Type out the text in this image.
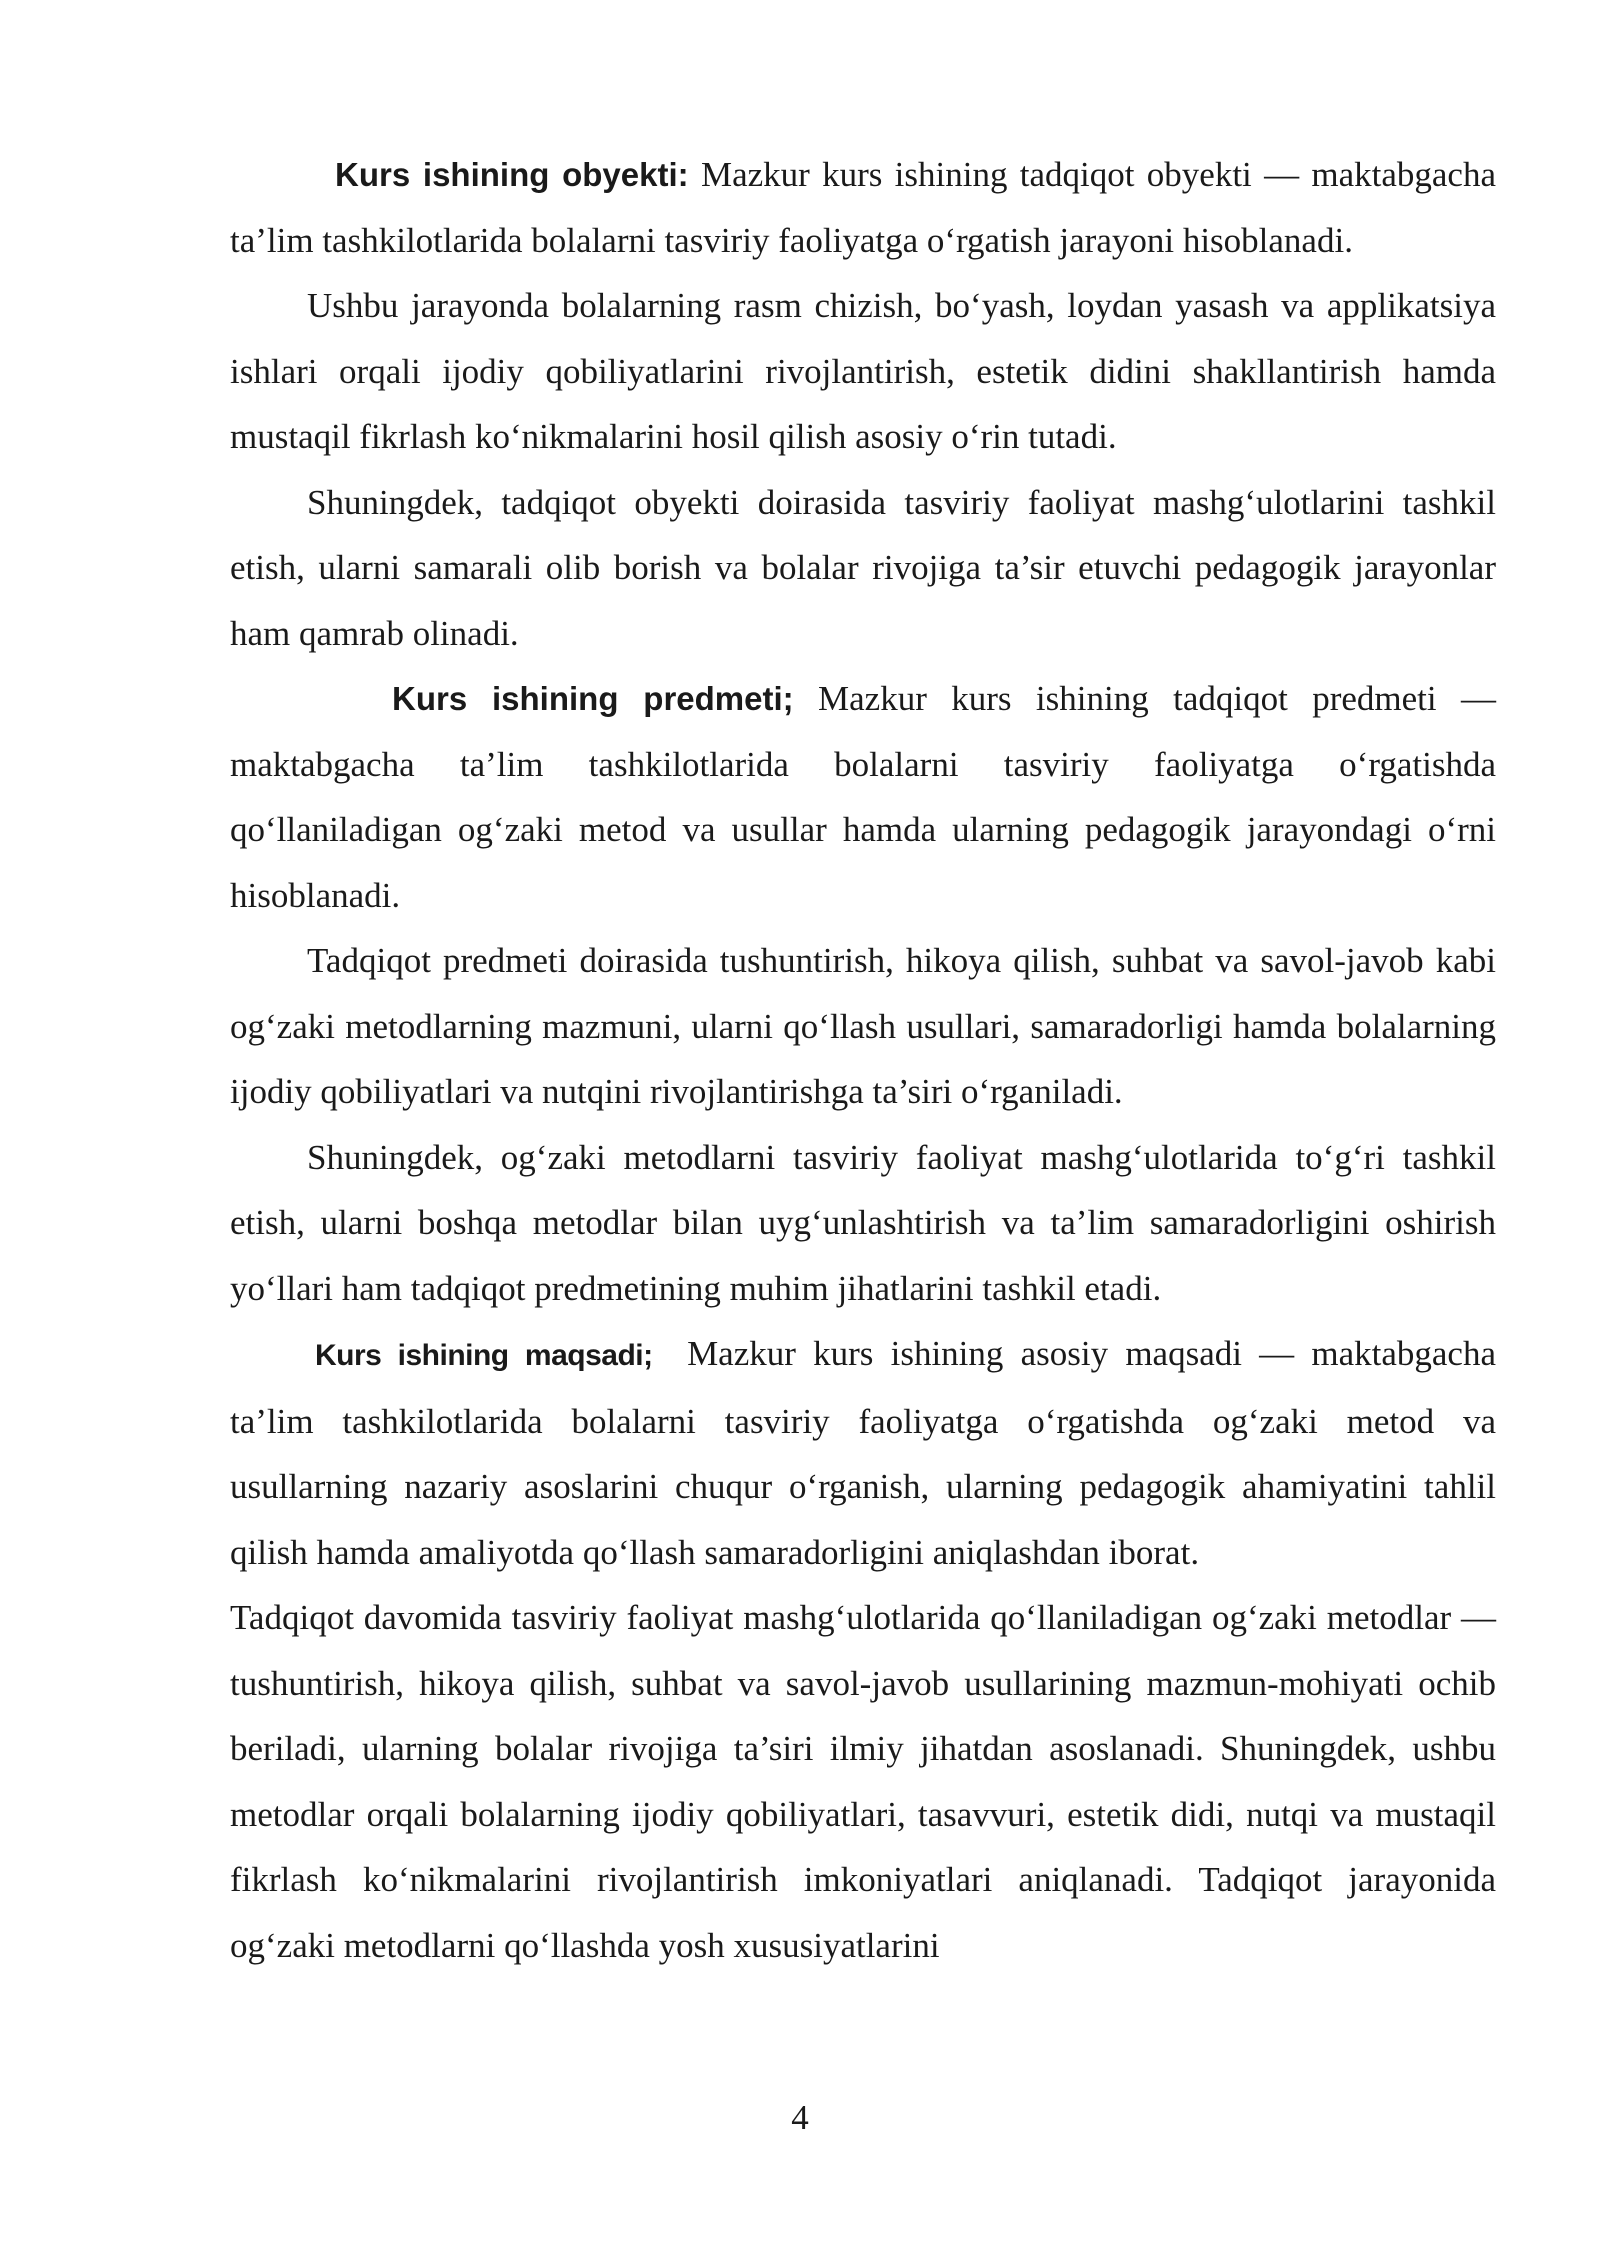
Kurs ishining obyekti: Mazkur kurs ishining tadqiqot obyekti — maktabgacha ta’lim tashkilotlarida bolalarni tasviriy faoliyatga o‘rgatish jarayoni hisoblanadi.

Ushbu jarayonda bolalarning rasm chizish, bo‘yash, loydan yasash va applikatsiya ishlari orqali ijodiy qobiliyatlarini rivojlantirish, estetik didini shakllantirish hamda mustaqil fikrlash ko‘nikmalarini hosil qilish asosiy o‘rin tutadi.

Shuningdek, tadqiqot obyekti doirasida tasviriy faoliyat mashg‘ulotlarini tashkil etish, ularni samarali olib borish va bolalar rivojiga ta’sir etuvchi pedagogik jarayonlar ham qamrab olinadi.

Kurs ishining predmeti; Mazkur kurs ishining tadqiqot predmeti — maktabgacha ta’lim tashkilotlarida bolalarni tasviriy faoliyatga o‘rgatishda qo‘llaniladigan og‘zaki metod va usullar hamda ularning pedagogik jarayondagi o‘rni hisoblanadi.

Tadqiqot predmeti doirasida tushuntirish, hikoya qilish, suhbat va savol-javob kabi og‘zaki metodlarning mazmuni, ularni qo‘llash usullari, samaradorligi hamda bolalarning ijodiy qobiliyatlari va nutqini rivojlantirishga ta’siri o‘rganiladi.

Shuningdek, og‘zaki metodlarni tasviriy faoliyat mashg‘ulotlarida to‘g‘ri tashkil etish, ularni boshqa metodlar bilan uyg‘unlashtirish va ta’lim samaradorligini oshirish yo‘llari ham tadqiqot predmetining muhim jihatlarini tashkil etadi.

Kurs ishining maqsadi; Mazkur kurs ishining asosiy maqsadi — maktabgacha ta’lim tashkilotlarida bolalarni tasviriy faoliyatga o‘rgatishda og‘zaki metod va usullarning nazariy asoslarini chuqur o‘rganish, ularning pedagogik ahamiyatini tahlil qilish hamda amaliyotda qo‘llash samaradorligini aniqlashdan iborat.

Tadqiqot davomida tasviriy faoliyat mashg‘ulotlarida qo‘llaniladigan og‘zaki metodlar — tushuntirish, hikoya qilish, suhbat va savol-javob usullarining mazmun-mohiyati ochib beriladi, ularning bolalar rivojiga ta’siri ilmiy jihatdan asoslanadi. Shuningdek, ushbu metodlar orqali bolalarning ijodiy qobiliyatlari, tasavvuri, estetik didi, nutqi va mustaqil fikrlash ko‘nikmalarini rivojlantirish imkoniyatlari aniqlanadi. Tadqiqot jarayonida og‘zaki metodlarni qo‘llashda yosh xususiyatlarini

4
